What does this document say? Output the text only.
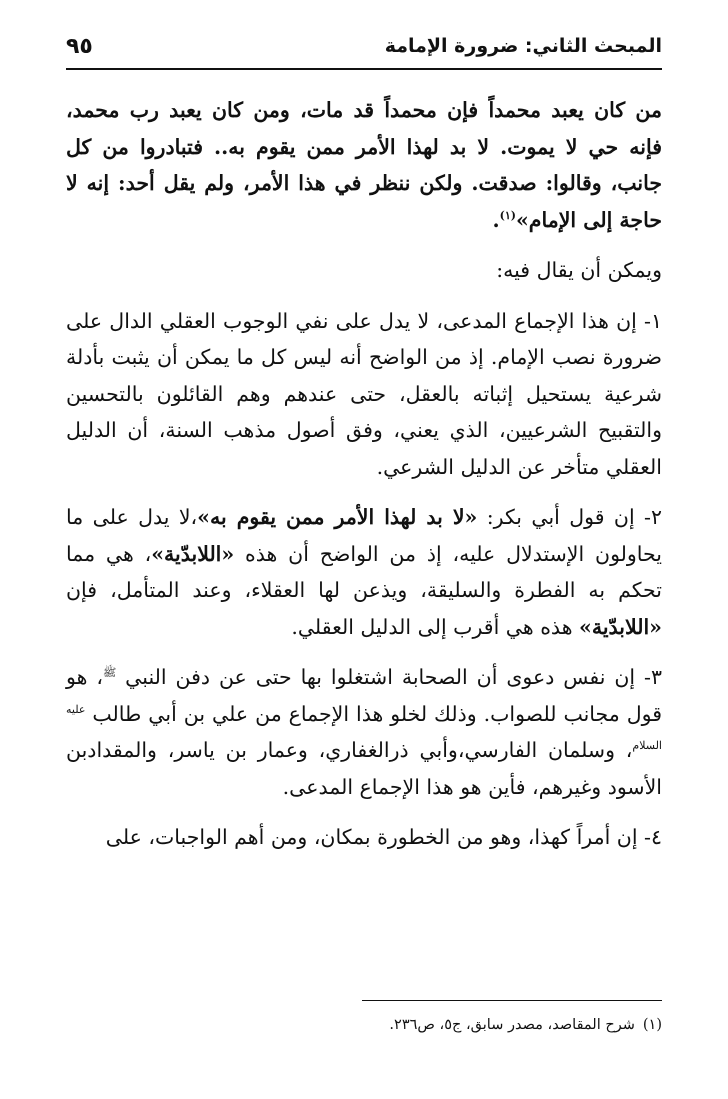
المبحث الثاني: ضرورة الإمامة
٩٥

من كان يعبد محمداً فإن محمداً قد مات، ومن كان يعبد رب محمد، فإنه حي لا يموت. لا بد لهذا الأمر ممن يقوم به.. فتبادروا من كل جانب، وقالوا: صدقت. ولكن ننظر في هذا الأمر، ولم يقل أحد: إنه لا حاجة إلى الإمام»$^{(١)}$.

ويمكن أن يقال فيه:

١- إن هذا الإجماع المدعى، لا يدل على نفي الوجوب العقلي الدال على ضرورة نصب الإمام. إذ من الواضح أنه ليس كل ما يمكن أن يثبت بأدلة شرعية يستحيل إثباته بالعقل، حتى عندهم وهم القائلون بالتحسين والتقبيح الشرعيين، الذي يعني، وفق أصول مذهب السنة، أن الدليل العقلي متأخر عن الدليل الشرعي.

٢- إن قول أبي بكر: «لا بد لهذا الأمر ممن يقوم به»،لا يدل على ما يحاولون الإستدلال عليه، إذ من الواضح أن هذه «اللابدّية»، هي مما تحكم به الفطرة والسليقة، ويذعن لها العقلاء، وعند المتأمل، فإن «اللابدّية» هذه هي أقرب إلى الدليل العقلي.

٣- إن نفس دعوى أن الصحابة اشتغلوا بها حتى عن دفن النبي $^ﷺ$، هو قول مجانب للصواب. وذلك لخلو هذا الإجماع من علي بن أبي طالب $^{عليه السلام}$، وسلمان الفارسي،وأبي ذرالغفاري، وعمار بن ياسر، والمقدادبن الأسود وغيرهم، فأين هو هذا الإجماع المدعى.

٤- إن أمراً كهذا، وهو من الخطورة بمكان، ومن أهم الواجبات، على

(١)شرح المقاصد، مصدر سابق، ج٥، ص٢٣٦.
